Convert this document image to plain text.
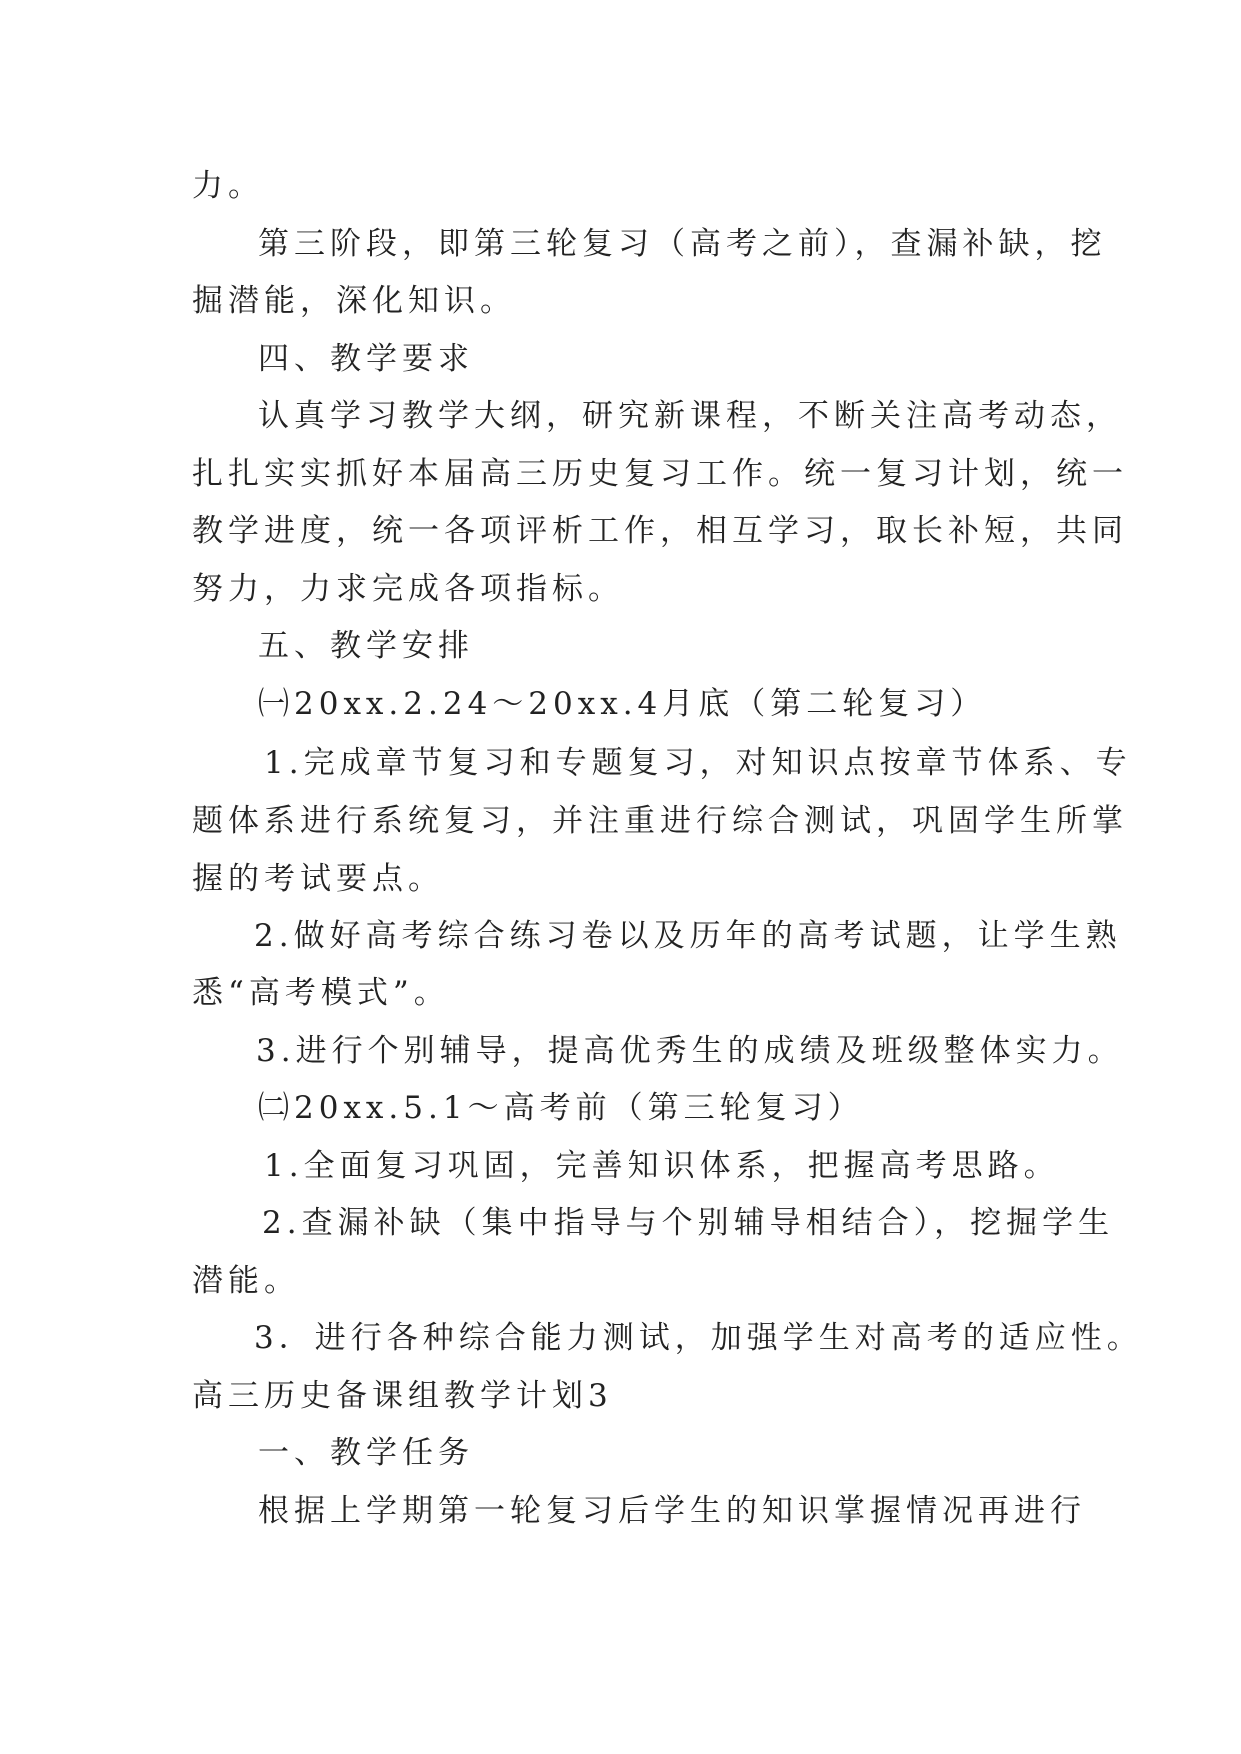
力。
第三阶段，即第三轮复习（高考之前），查漏补缺，挖
掘潜能，深化知识。
四、教学要求
认真学习教学大纲，研究新课程，不断关注高考动态，
扎扎实实抓好本届高三历史复习工作。统一复习计划，统一
教学进度，统一各项评析工作，相互学习，取长补短，共同
努力，力求完成各项指标。
五、教学安排
㈠20xx.2.24～20xx.4月底（第二轮复习）
1.完成章节复习和专题复习，对知识点按章节体系、专
题体系进行系统复习，并注重进行综合测试，巩固学生所掌
握的考试要点。
2.做好高考综合练习卷以及历年的高考试题，让学生熟
悉“高考模式”。
3.进行个别辅导，提高优秀生的成绩及班级整体实力。
㈡20xx.5.1～高考前（第三轮复习）
1.全面复习巩固，完善知识体系，把握高考思路。
2.查漏补缺（集中指导与个别辅导相结合），挖掘学生
潜能。
3．进行各种综合能力测试，加强学生对高考的适应性。
高三历史备课组教学计划3
一、教学任务
根据上学期第一轮复习后学生的知识掌握情况再进行
